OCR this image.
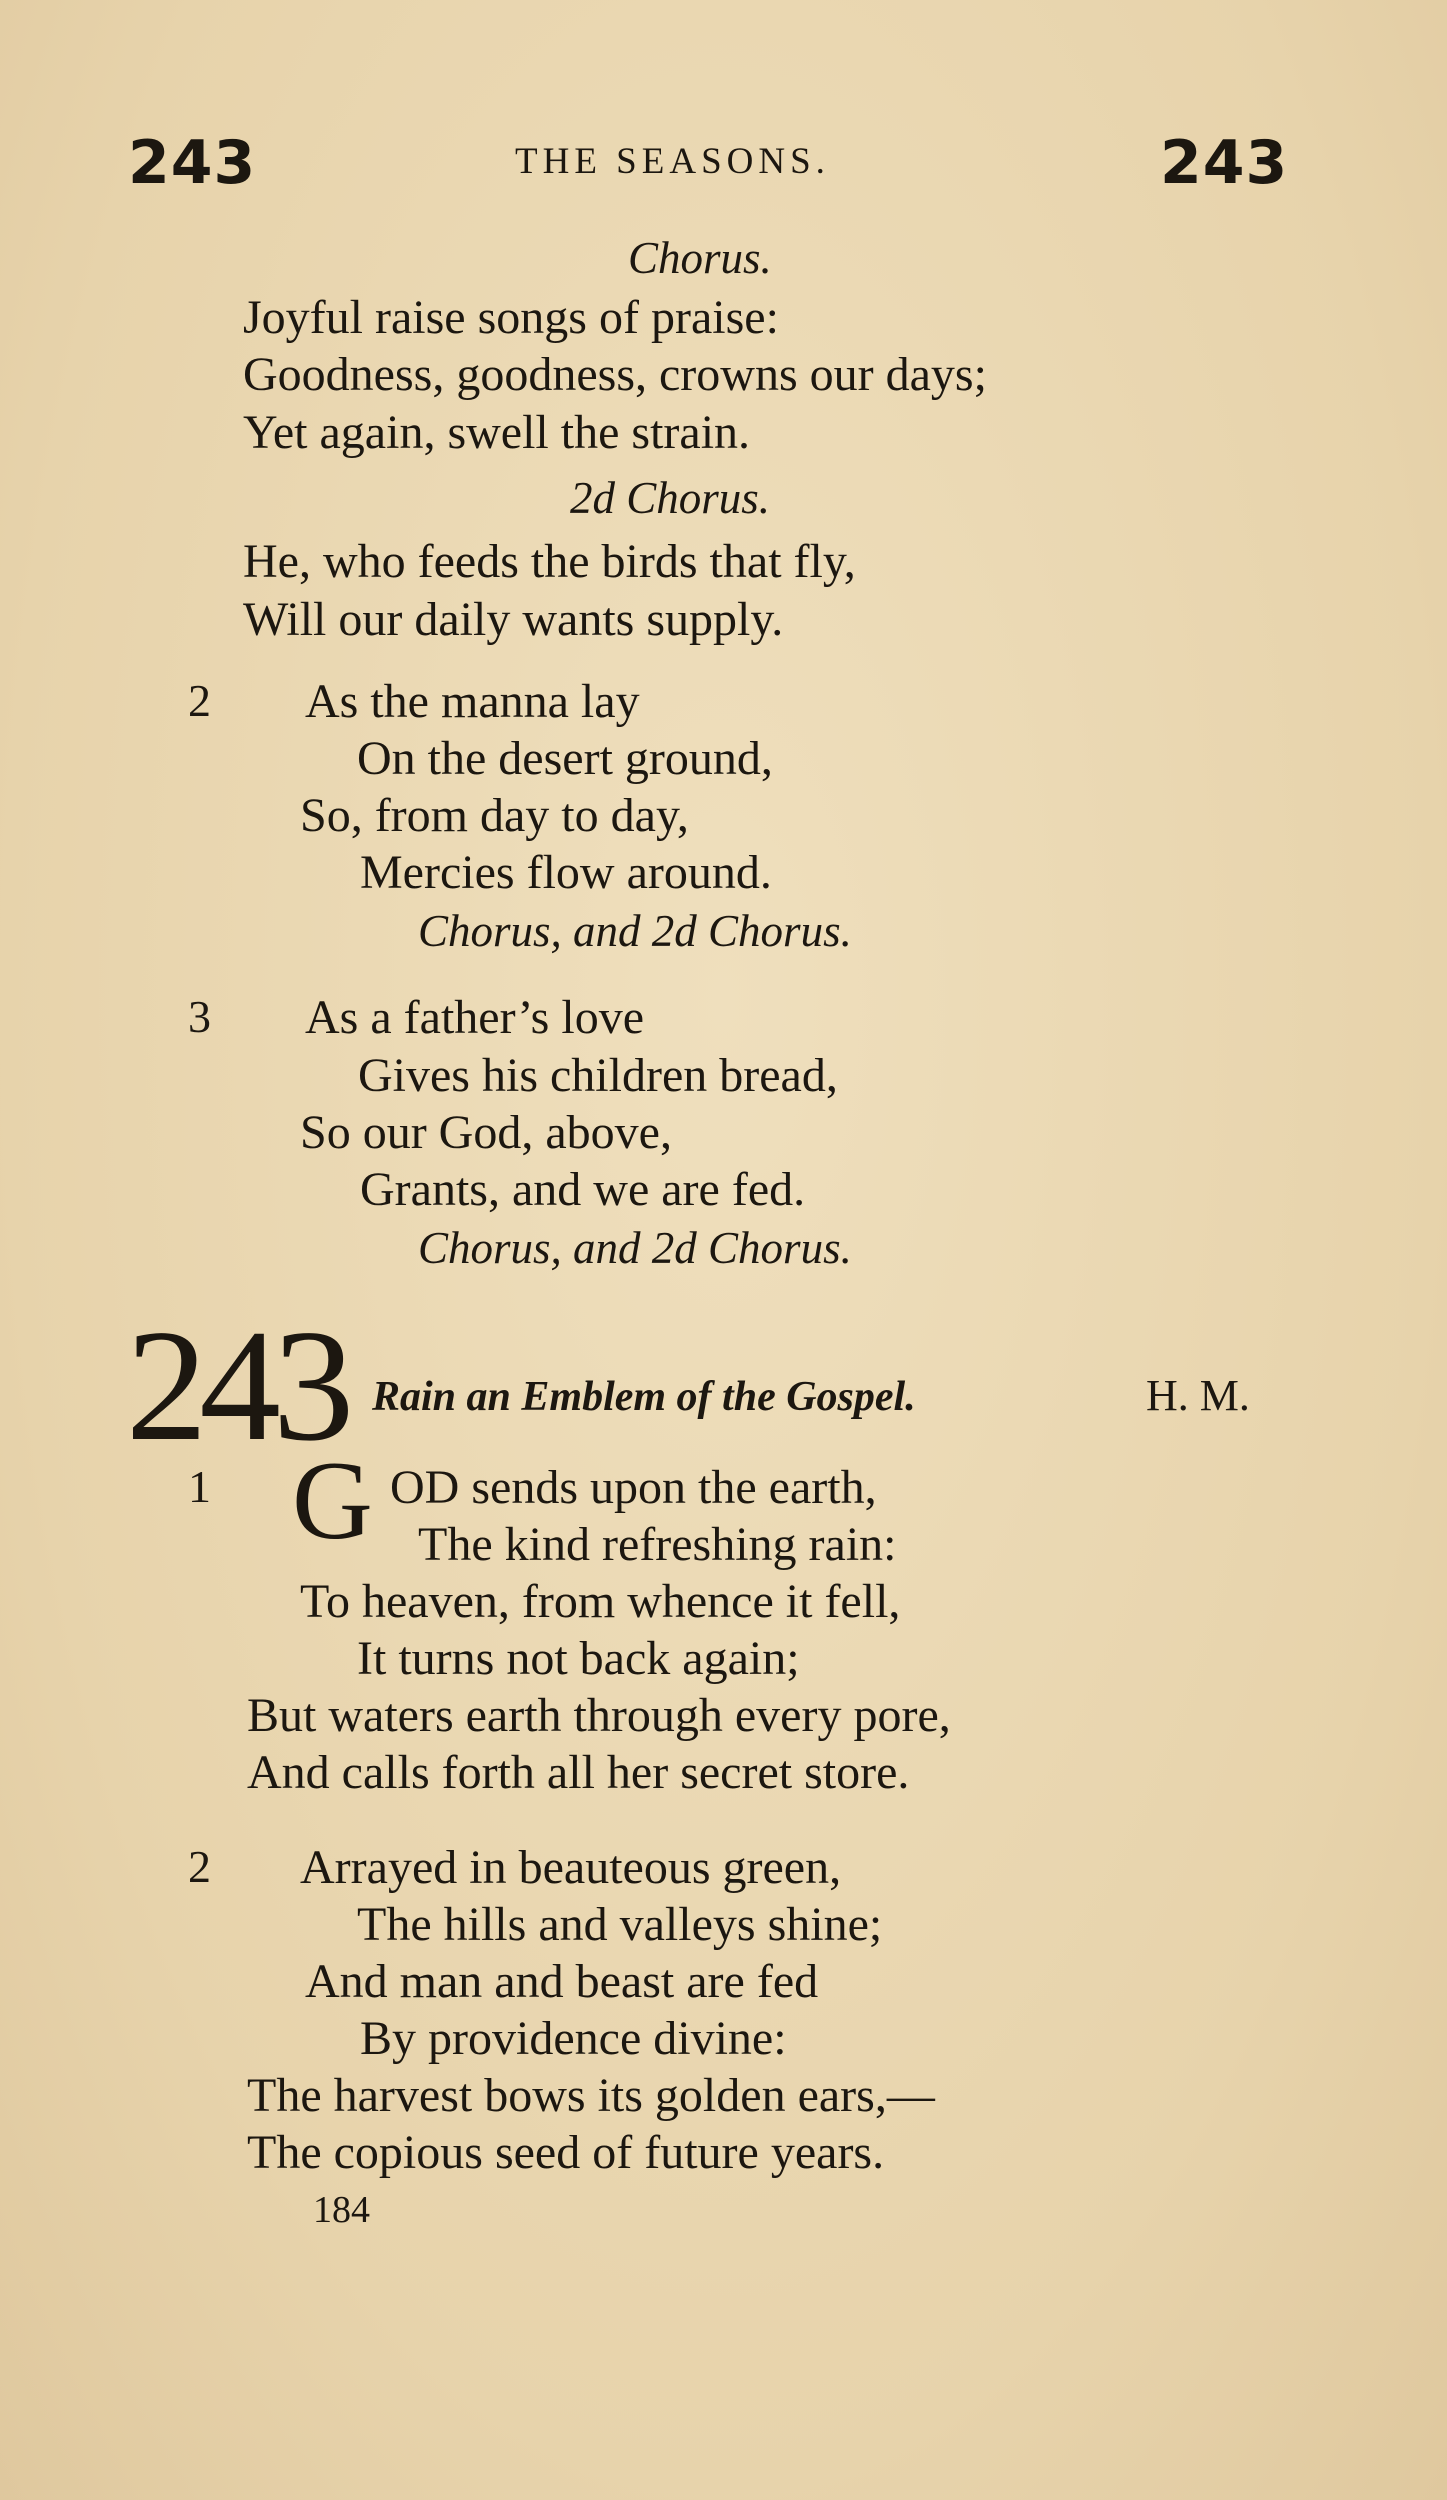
243	THE SEASONS.	243
Chorus.
Joyful raise songs of praise:
Goodness, goodness, crowns our days;
Yet again, swell the strain.
2d Chorus.
He, who feeds the birds that fly,
Will our daily wants supply.
2 As the manna lay
On the desert ground,
So, from day to day,
Mercies flow around.
Chorus, and 2d Chorus.
3 As a father’s love
Gives his children bread,
So our God, above,
Grants, and we are fed.
Chorus, and 2d Chorus.
243 Rain an Emblem of the Gospel.	H. M.
1 G OD sends upon the earth,
The kind refreshing rain:
To heaven, from whence it fell,
It turns not back again;
But waters earth through every pore,
And calls forth all her secret store.
2 Arrayed in beauteous green,
The hills and valleys shine;
And man and beast are fed
By providence divine:
The harvest bows its golden ears,—
The copious seed of future years.
184
